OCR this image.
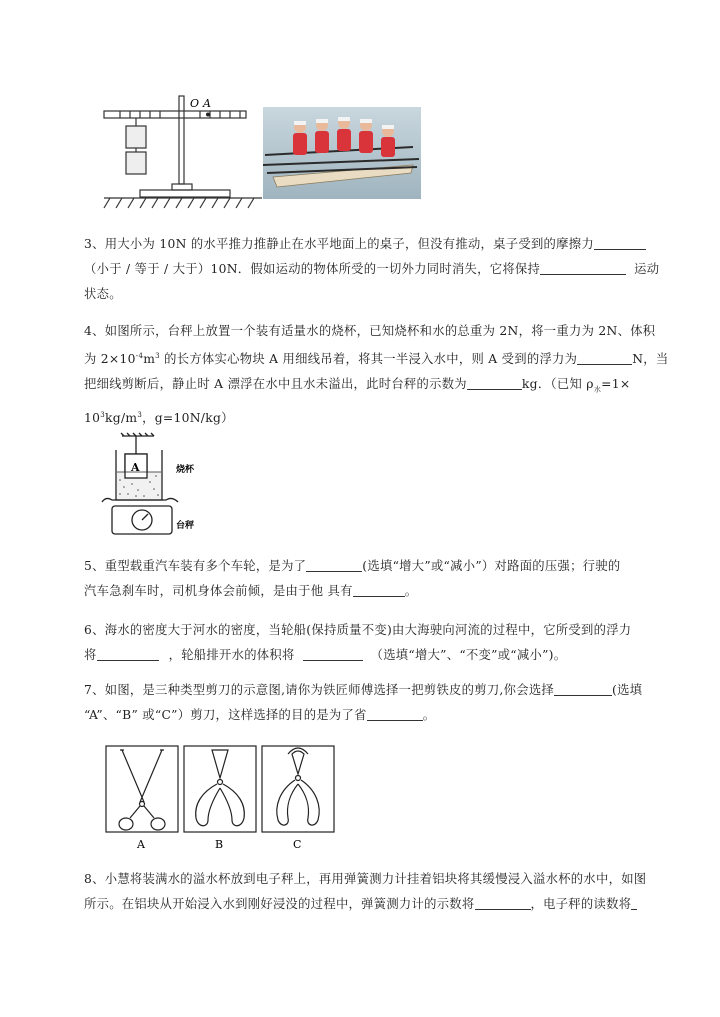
O A

3、用大小为 10N 的水平推力推静止在水平地面上的桌子，但没有推动，桌子受到的摩擦力

（小于 / 等于 / 大于）10N．假如运动的物体所受的一切外力同时消失，它将保持	运动

状态。

4、如图所示，台秤上放置一个装有适量水的烧杯，已知烧杯和水的总重为 2N，将一重力为 2N、体积

为 $2\times 10^{-4}m^3$ 的长方体实心物块 A 用细线吊着，将其一半浸入水中，则 A 受到的浮力为	N，当

把细线剪断后，静止时 A 漂浮在水中且水未溢出，此时台秤的示数为	kg．（已知 $\rho_水=1\times$

$10^3kg/m^3$，g=10N/kg）

A	烧杯
台秤

5、重型载重汽车装有多个车轮，是为了	(选填“增大”或“减小”）对路面的压强；行驶的

汽车急刹车时，司机身体会前倾，是由于他 具有	。

6、海水的密度大于河水的密度，当轮船(保持质量不变)由大海驶向河流的过程中，它所受到的浮力

将	，轮船排开水的体积将	（选填“增大”、“不变”或“减小”)。

7、如图，是三种类型剪刀的示意图,请你为铁匠师傅选择一把剪铁皮的剪刀,你会选择	(选填

“A”、“B” 或“C”）剪刀，这样选择的目的是为了省	。

A	B	C

8、小慧将装满水的溢水杯放到电子秤上，再用弹簧测力计挂着铝块将其缓慢浸入溢水杯的水中，如图

所示。在铝块从开始浸入水到刚好浸没的过程中，弹簧测力计的示数将	，电子秤的读数将
